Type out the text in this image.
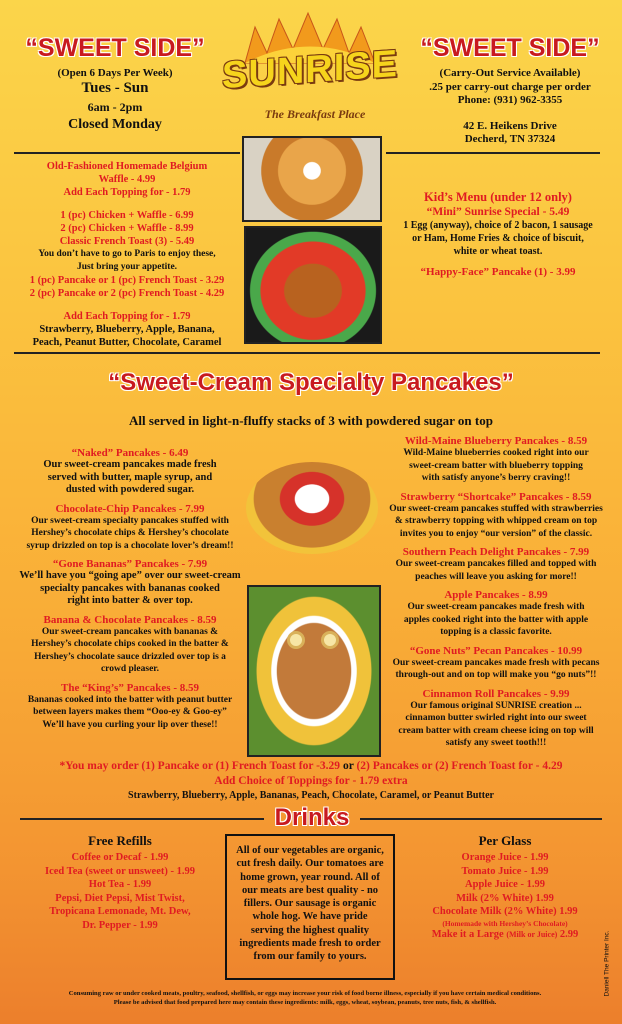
“SWEET SIDE”
(Open 6 Days Per Week)
Tues - Sun
6am - 2pm
Closed Monday
“SWEET SIDE”
(Carry-Out Service Available)
.25 per carry-out charge per order
Phone: (931) 962-3355
42 E. Heikens Drive
Decherd, TN 37324
SUNRISE
The Breakfast Place
Old-Fashioned Homemade Belgium
Waffle - 4.99
Add Each Topping for - 1.79
1 (pc) Chicken + Waffle - 6.99
2 (pc) Chicken + Waffle - 8.99
Classic French Toast (3) - 5.49
You don’t have to go to Paris to enjoy these,
Just bring your appetite.
1 (pc) Pancake or 1 (pc) French Toast - 3.29
2 (pc) Pancake or 2 (pc) French Toast - 4.29
Add Each Topping for - 1.79
Strawberry, Blueberry, Apple, Banana,
Peach, Peanut Butter, Chocolate, Caramel
Kid’s Menu (under 12 only)
“Mini” Sunrise Special - 5.49
1 Egg (anyway), choice of 2 bacon, 1 sausage
or Ham, Home Fries & choice of biscuit,
white or wheat toast.
“Happy-Face” Pancake (1) - 3.99
“Sweet-Cream Specialty Pancakes”
All served in light-n-fluffy stacks of 3 with powdered sugar on top
“Naked” Pancakes - 6.49
Our sweet-cream pancakes made fresh
served with butter, maple syrup, and
dusted with powdered sugar.
Chocolate-Chip Pancakes - 7.99
Our sweet-cream specialty pancakes stuffed with
Hershey’s chocolate chips & Hershey’s chocolate
syrup drizzled on top is a chocolate lover’s dream!!
“Gone Bananas” Pancakes - 7.99
We’ll have you “going ape” over our sweet-cream
specialty pancakes with bananas cooked
right into batter & over top.
Banana & Chocolate Pancakes - 8.59
Our sweet-cream pancakes with bananas &
Hershey’s chocolate chips cooked in the batter &
Hershey’s chocolate sauce drizzled over top is a
crowd pleaser.
The “King’s” Pancakes - 8.59
Bananas cooked into the batter with peanut butter
between layers makes them “Ooo-ey & Goo-ey”
We’ll have you curling your lip over these!!
Wild-Maine Blueberry Pancakes - 8.59
Wild-Maine blueberries cooked right into our
sweet-cream batter with blueberry topping
with satisfy anyone’s berry craving!!
Strawberry “Shortcake” Pancakes - 8.59
Our sweet-cream pancakes stuffed with strawberries
& strawberry topping with whipped cream on top
invites you to enjoy “our version” of the classic.
Southern Peach Delight Pancakes - 7.99
Our sweet-cream pancakes filled and topped with
peaches will leave you asking for more!!
Apple Pancakes - 8.99
Our sweet-cream pancakes made fresh with
apples cooked right into the batter with apple
topping is a classic favorite.
“Gone Nuts” Pecan Pancakes - 10.99
Our sweet-cream pancakes made fresh with pecans
through-out and on top will make you “go nuts”!!
Cinnamon Roll Pancakes - 9.99
Our famous original SUNRISE creation ...
cinnamon butter swirled right into our sweet
cream batter with cream cheese icing on top will
satisfy any sweet tooth!!!
*You may order (1) Pancake or (1) French Toast for -3.29 or (2) Pancakes or (2) French Toast for - 4.29
Add Choice of Toppings for - 1.79 extra
Strawberry, Blueberry, Apple, Bananas, Peach, Chocolate, Caramel, or Peanut Butter
Drinks
Free Refills
Coffee or Decaf - 1.99
Iced Tea (sweet or unsweet) - 1.99
Hot Tea - 1.99
Pepsi, Diet Pepsi, Mist Twist,
Tropicana Lemonade, Mt. Dew,
Dr. Pepper - 1.99
All of our vegetables are organic, cut fresh daily. Our tomatoes are home grown, year round. All of our meats are best quality - no fillers. Our sausage is organic whole hog. We have pride serving the highest quality ingredients made fresh to order from our family to yours.
Per Glass
Orange Juice - 1.99
Tomato Juice - 1.99
Apple Juice - 1.99
Milk (2% White) 1.99
Chocolate Milk (2% White) 1.99
(Homemade with Hershey’s Chocolate)
Make it a Large (Milk or Juice) 2.99	Daniell The Printer Inc.
Consuming raw or under cooked meats, poultry, seafood, shellfish, or eggs may increase your risk of food borne illness, especially if you have certain medical conditions.
Please be advised that food prepared here may contain these ingredients: milk, eggs, wheat, soybean, peanuts, tree nuts, fish, & shellfish.
